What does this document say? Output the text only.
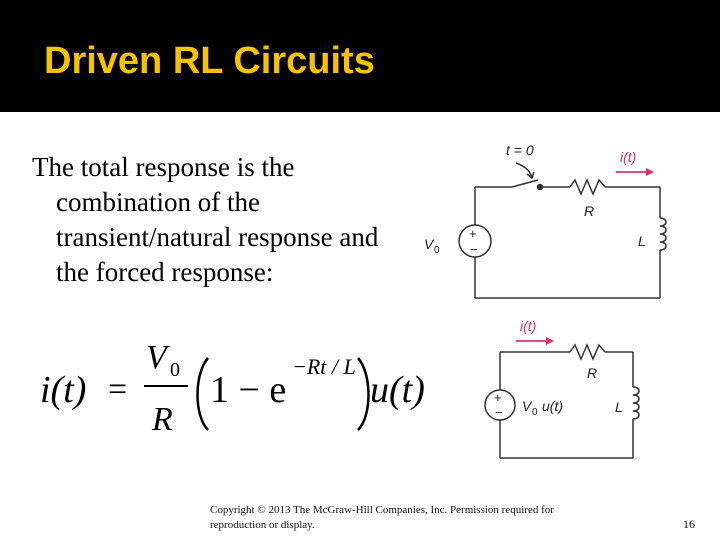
Driven RL Circuits
The total response is the
combination of the
transient/natural response and
the forced response:
i(t) =
V 0
R
1 − e
−Rt / L
u(t)
t = 0	i(t)
R
L
+
−
V 0
i(t)
R
L
+
− V 0 u(t)
Copyright © 2013 The McGraw-Hill Companies, Inc. Permission required for
reproduction or display.	16
